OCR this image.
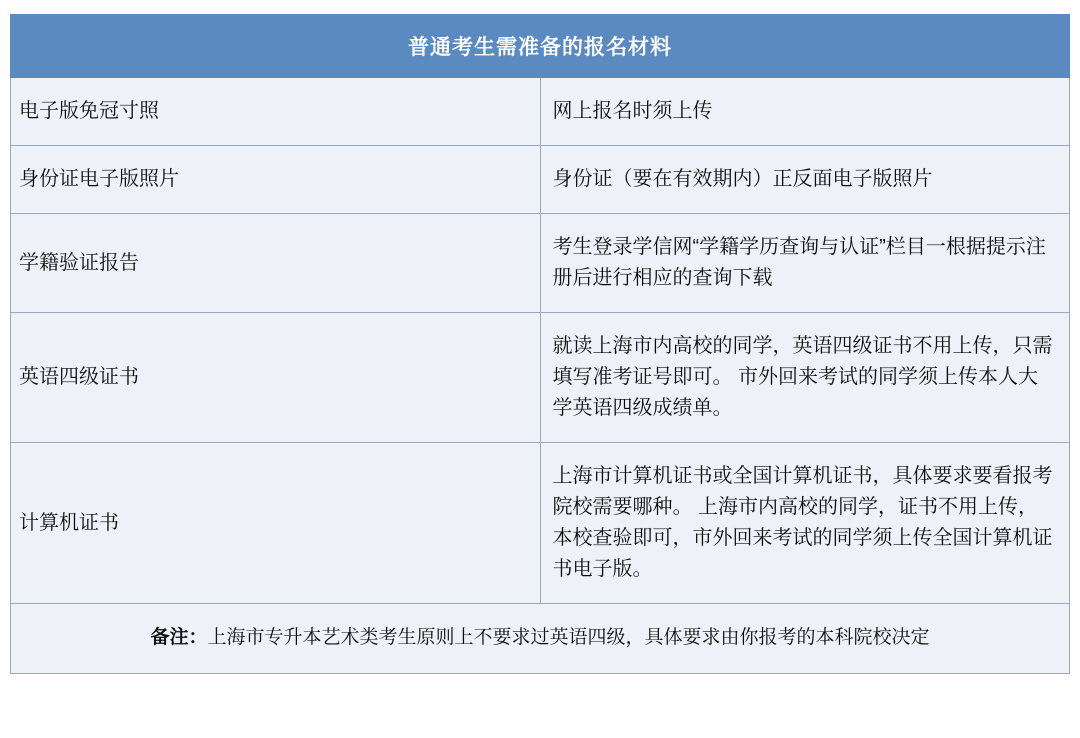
普通考生需准备的报名材料	
电子版免冠寸照	网上报名时须上传
身份证电子版照片	身份证（要在有效期内）正反面电子版照片
学籍验证报告	考生登录学信网“学籍学历查询与认证”栏目一根据提示注册后进行相应的查询下载
英语四级证书	就读上海市内高校的同学，英语四级证书不用上传，只需填写准考证号即可。 市外回来考试的同学须上传本人大学英语四级成绩单。
计算机证书	上海市计算机证书或全国计算机证书，具体要求要看报考院校需要哪种。 上海市内高校的同学，证书不用上传，本校查验即可，市外回来考试的同学须上传全国计算机证书电子版。
备注：上海市专升本艺术类考生原则上不要求过英语四级，具体要求由你报考的本科院校决定	
